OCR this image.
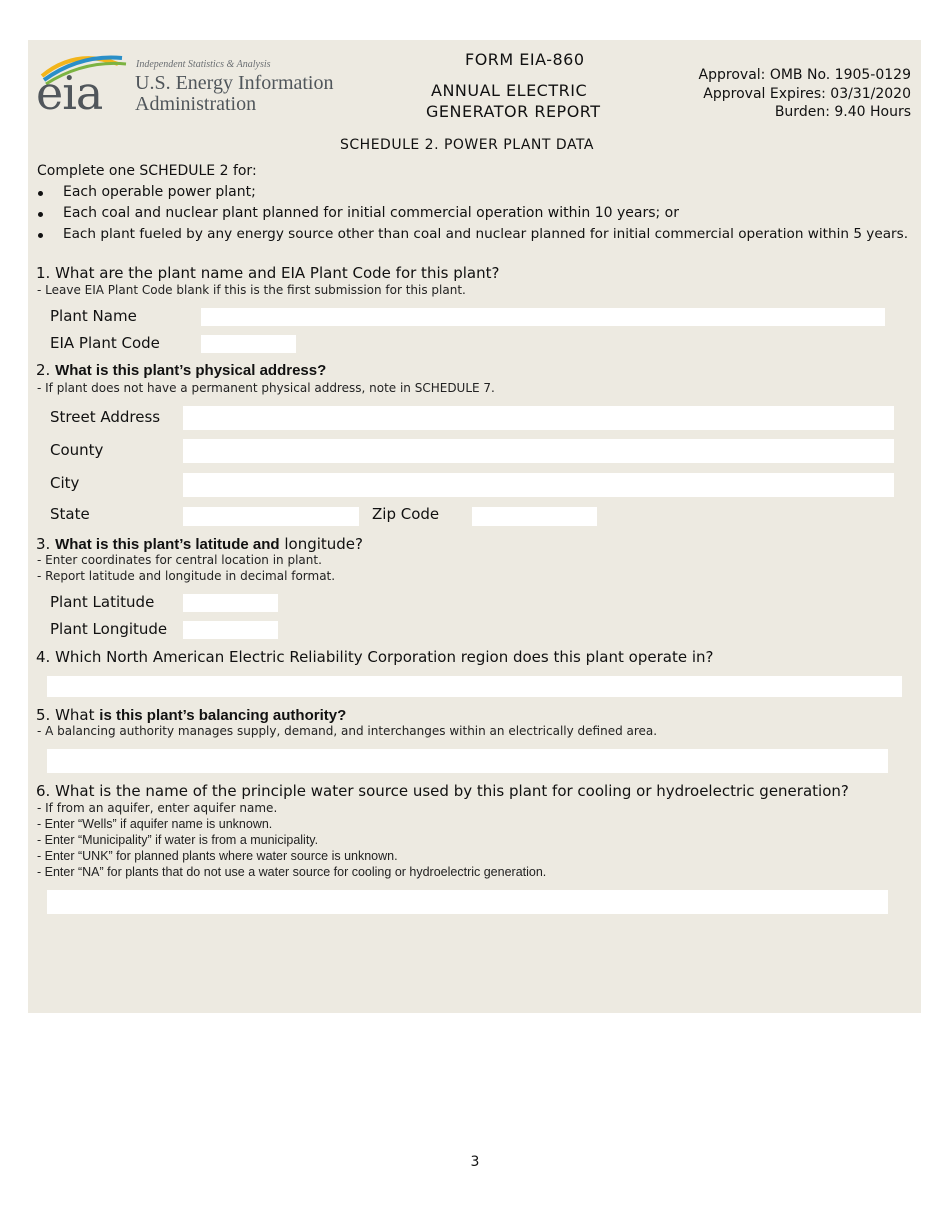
eia
Independent Statistics & Analysis
U.S. Energy Information
Administration
FORM EIA-860
ANNUAL ELECTRIC
GENERATOR REPORT
Approval: OMB No. 1905-0129
Approval Expires: 03/31/2020
Burden: 9.40 Hours
SCHEDULE 2. POWER PLANT DATA
Complete one SCHEDULE 2 for:
Each operable power plant;
Each coal and nuclear plant planned for initial commercial operation within 10 years; or
Each plant fueled by any energy source other than coal and nuclear planned for initial commercial operation within 5 years.
1. What are the plant name and EIA Plant Code for this plant?
- Leave EIA Plant Code blank if this is the first submission for this plant.
Plant Name
EIA Plant Code
2. What is this plant’s physical address?
- If plant does not have a permanent physical address, note in SCHEDULE 7.
Street Address
County
City
State	Zip Code
3. What is this plant’s latitude and longitude?
- Enter coordinates for central location in plant.
- Report latitude and longitude in decimal format.
Plant Latitude
Plant Longitude
4. Which North American Electric Reliability Corporation region does this plant operate in?
5. What is this plant’s balancing authority?
- A balancing authority manages supply, demand, and interchanges within an electrically defined area.
6. What is the name of the principle water source used by this plant for cooling or hydroelectric generation?
- If from an aquifer, enter aquifer name.
- Enter “Wells” if aquifer name is unknown.
- Enter “Municipality” if water is from a municipality.
- Enter “UNK” for planned plants where water source is unknown.
- Enter “NA” for plants that do not use a water source for cooling or hydroelectric generation.
3
